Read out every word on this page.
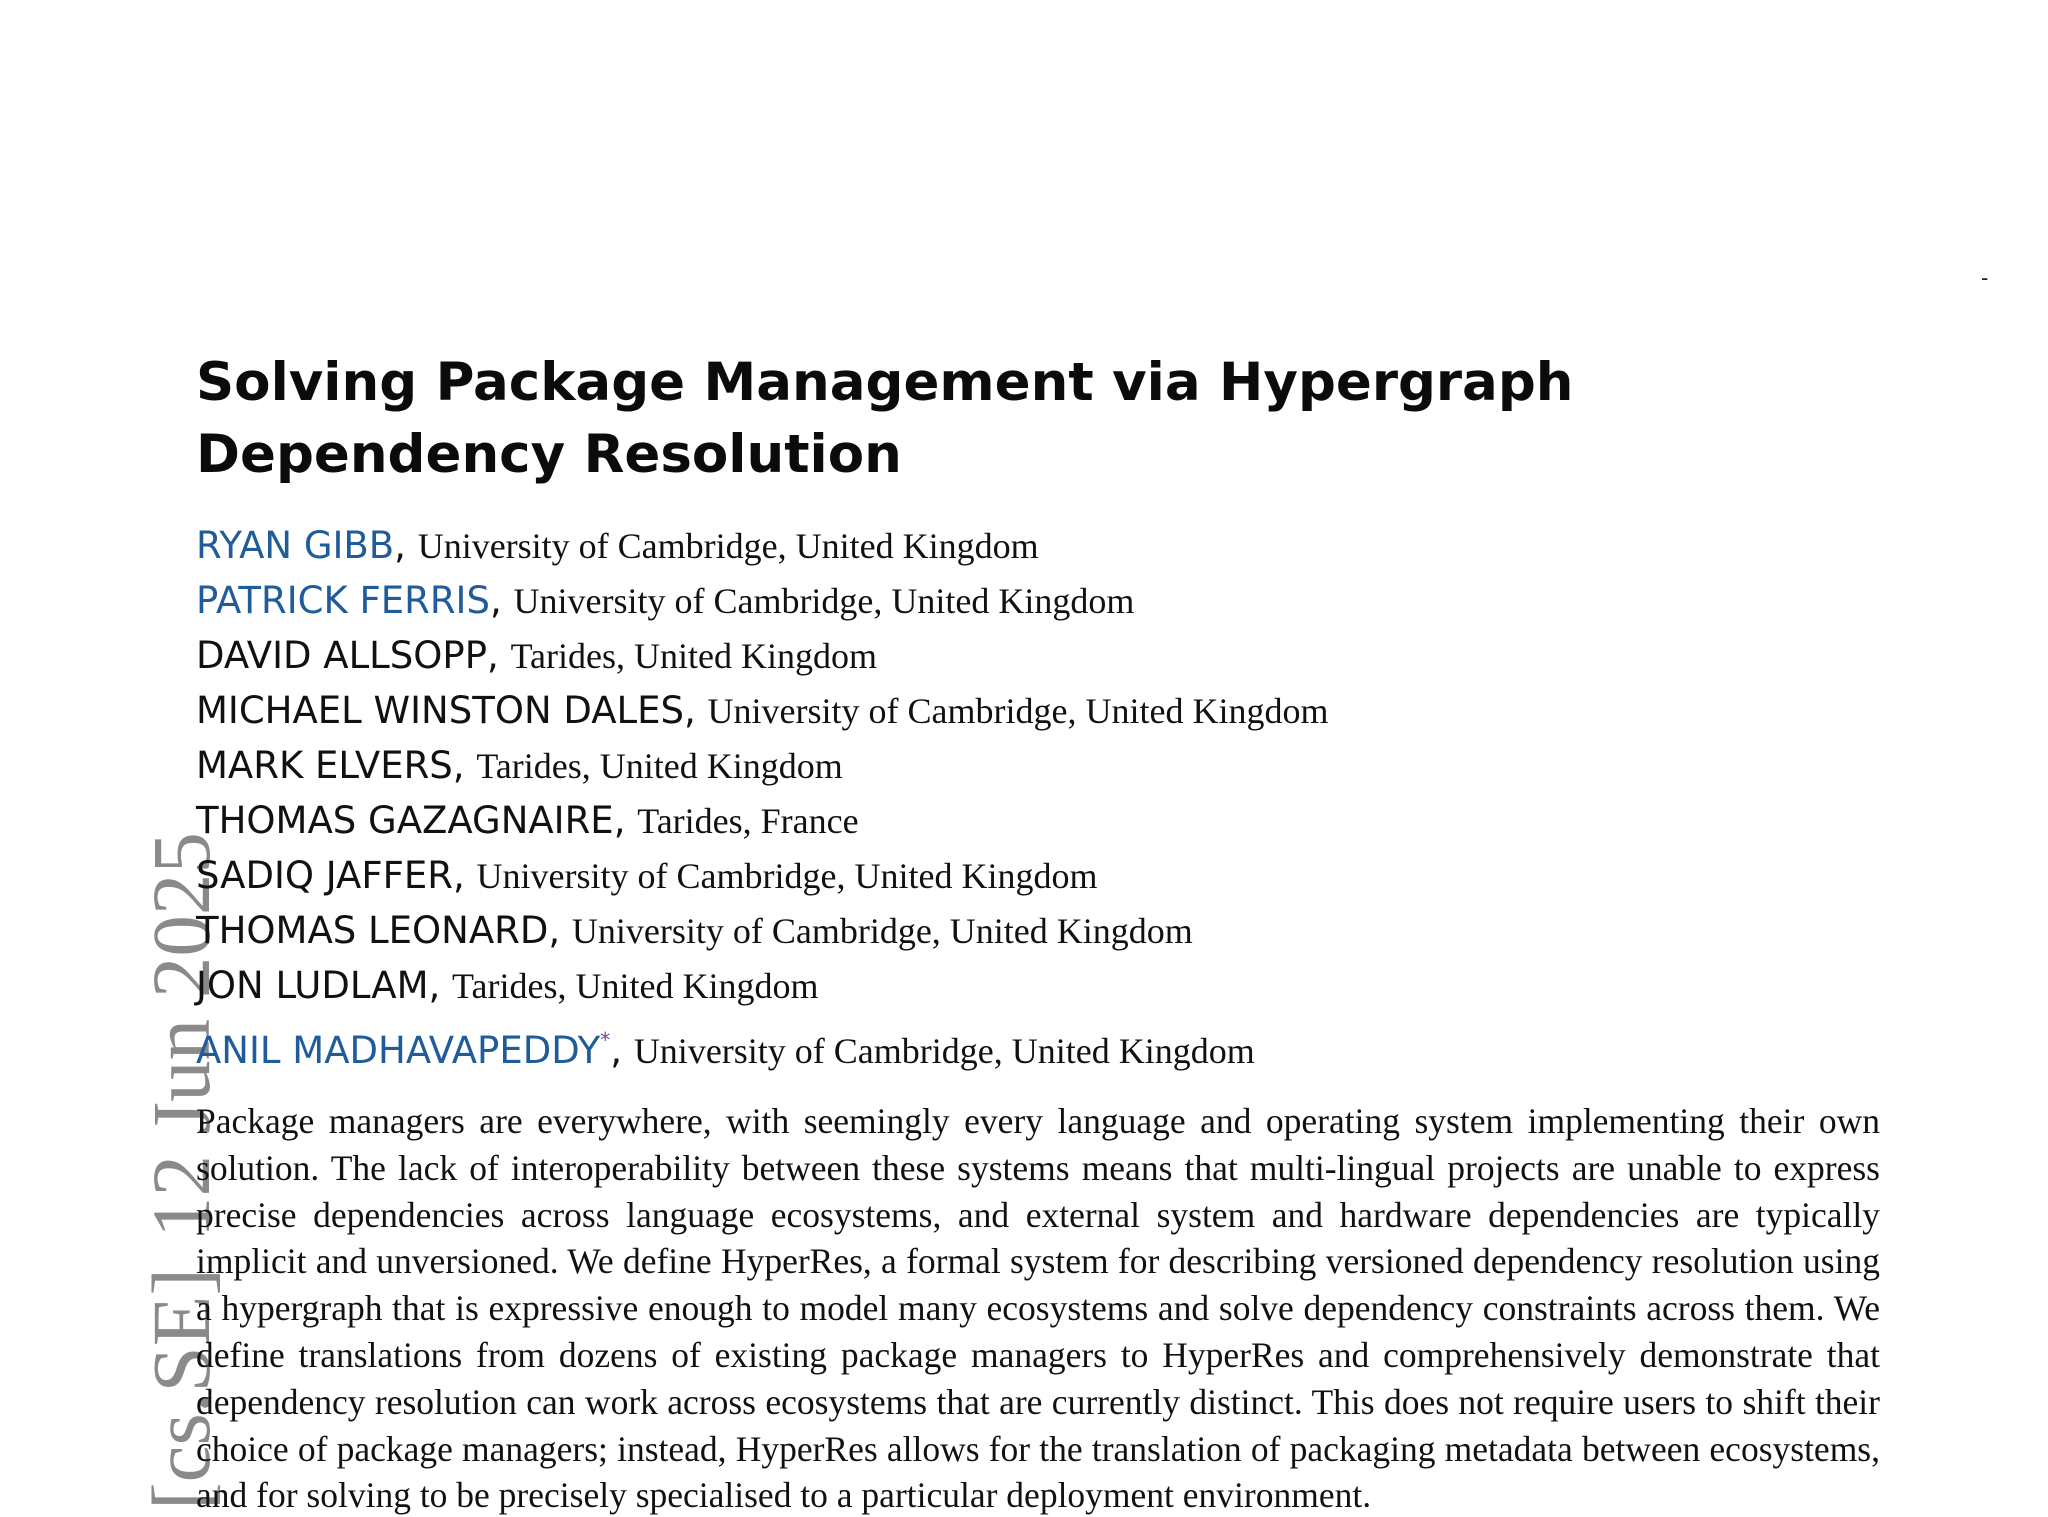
-
[cs.SE]12 Jun 2025
Solving Package Management via Hypergraph Dependency Resolution
RYAN GIBB, University of Cambridge, United Kingdom
PATRICK FERRIS, University of Cambridge, United Kingdom
DAVID ALLSOPP, Tarides, United Kingdom
MICHAEL WINSTON DALES, University of Cambridge, United Kingdom
MARK ELVERS, Tarides, United Kingdom
THOMAS GAZAGNAIRE, Tarides, France
SADIQ JAFFER, University of Cambridge, United Kingdom
THOMAS LEONARD, University of Cambridge, United Kingdom
JON LUDLAM, Tarides, United Kingdom
ANIL MADHAVAPEDDY*, University of Cambridge, United Kingdom

Package managers are everywhere, with seemingly every language and operating system implementing their own solution. The lack of interoperability between these systems means that multi-lingual projects are unable to express precise dependencies across language ecosystems, and external system and hardware dependencies are typically implicit and unversioned. We define HyperRes, a formal system for describing versioned dependency resolution using a hypergraph that is expressive enough to model many ecosystems and solve dependency constraints across them. We define translations from dozens of existing package managers to HyperRes and comprehensively demonstrate that dependency resolution can work across ecosystems that are currently distinct. This does not require users to shift their choice of package managers; instead, HyperRes allows for the translation of packaging metadata between ecosystems, and for solving to be precisely specialised to a particular deployment environment.
